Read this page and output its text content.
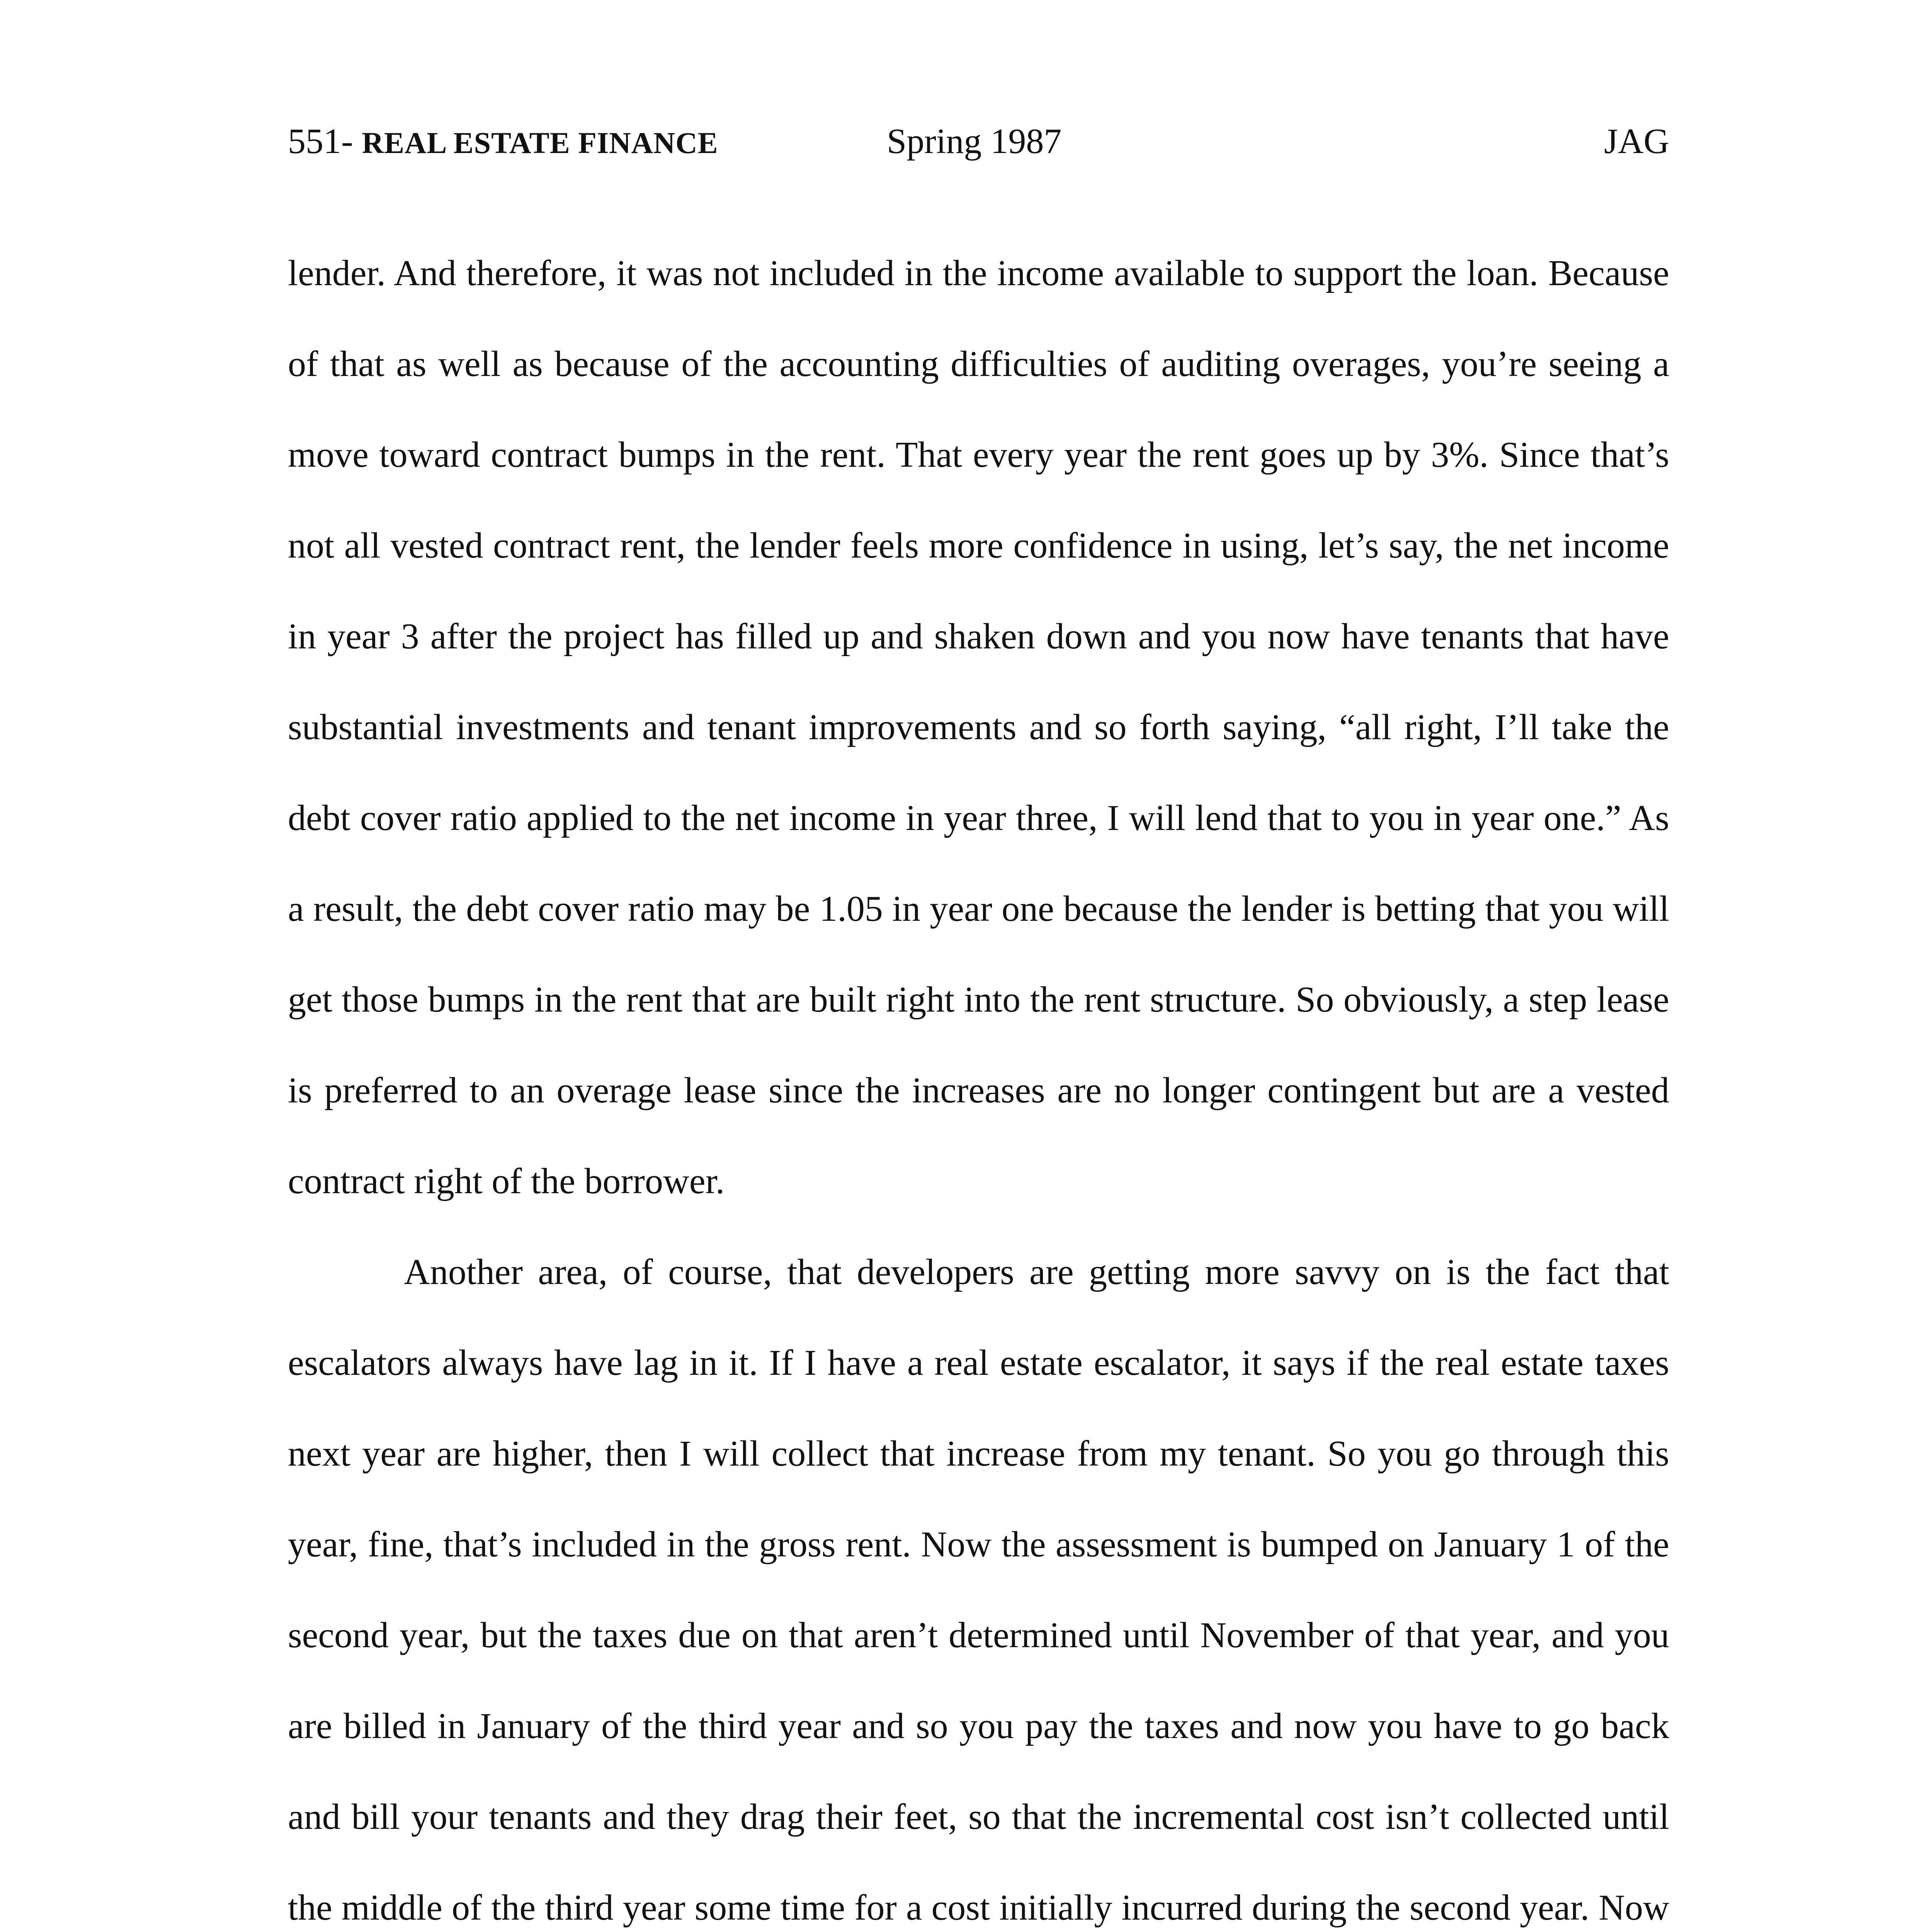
551- REAL ESTATE FINANCE	Spring 1987	JAG

lender. And therefore, it was not included in the income available to support the loan. Because of that as well as because of the accounting difficulties of auditing overages, you’re seeing a move toward contract bumps in the rent. That every year the rent goes up by 3%. Since that’s not all vested contract rent, the lender feels more confidence in using, let’s say, the net income in year 3 after the project has filled up and shaken down and you now have tenants that have substantial investments and tenant improvements and so forth saying, “all right, I’ll take the debt cover ratio applied to the net income in year three, I will lend that to you in year one.” As a result, the debt cover ratio may be 1.05 in year one because the lender is betting that you will get those bumps in the rent that are built right into the rent structure. So obviously, a step lease is preferred to an overage lease since the increases are no longer contingent but are a vested contract right of the borrower.

Another area, of course, that developers are getting more savvy on is the fact that escalators always have lag in it. If I have a real estate escalator, it says if the real estate taxes next year are higher, then I will collect that increase from my tenant. So you go through this year, fine, that’s included in the gross rent. Now the assessment is bumped on January 1 of the second year, but the taxes due on that aren’t determined until November of that year, and you are billed in January of the third year and so you pay the taxes and now you have to go back and bill your tenants and they drag their feet, so that the incremental cost isn’t collected until the middle of the third year some time for a cost initially incurred during the second year. Now
